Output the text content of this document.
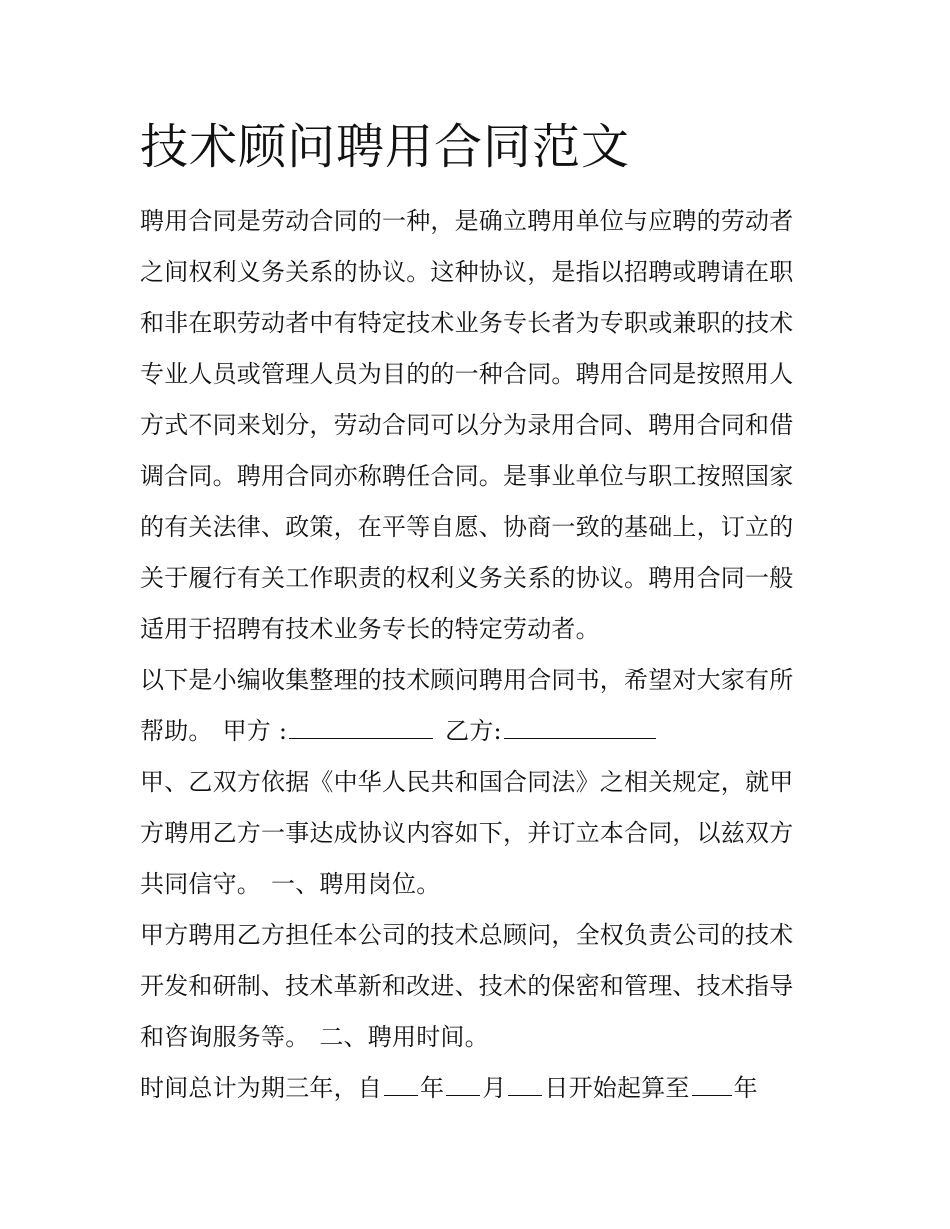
技术顾问聘用合同范文
聘用合同是劳动合同的一种，是确立聘用单位与应聘的劳动者
之间权利义务关系的协议。这种协议，是指以招聘或聘请在职
和非在职劳动者中有特定技术业务专长者为专职或兼职的技术
专业人员或管理人员为目的的一种合同。聘用合同是按照用人
方式不同来划分，劳动合同可以分为录用合同、聘用合同和借
调合同。聘用合同亦称聘任合同。是事业单位与职工按照国家
的有关法律、政策，在平等自愿、协商一致的基础上，订立的
关于履行有关工作职责的权利义务关系的协议。聘用合同一般
适用于招聘有技术业务专长的特定劳动者。
以下是小编收集整理的技术顾问聘用合同书，希望对大家有所
帮助。 甲方 :	乙方:
甲、乙双方依据《中华人民共和国合同法》之相关规定，就甲
方聘用乙方一事达成协议内容如下，并订立本合同，以兹双方
共同信守。 一、聘用岗位。
甲方聘用乙方担任本公司的技术总顾问，全权负责公司的技术
开发和研制、技术革新和改进、技术的保密和管理、技术指导
和咨询服务等。 二、聘用时间。
时间总计为期三年，自 年 月 日开始起算至 年
